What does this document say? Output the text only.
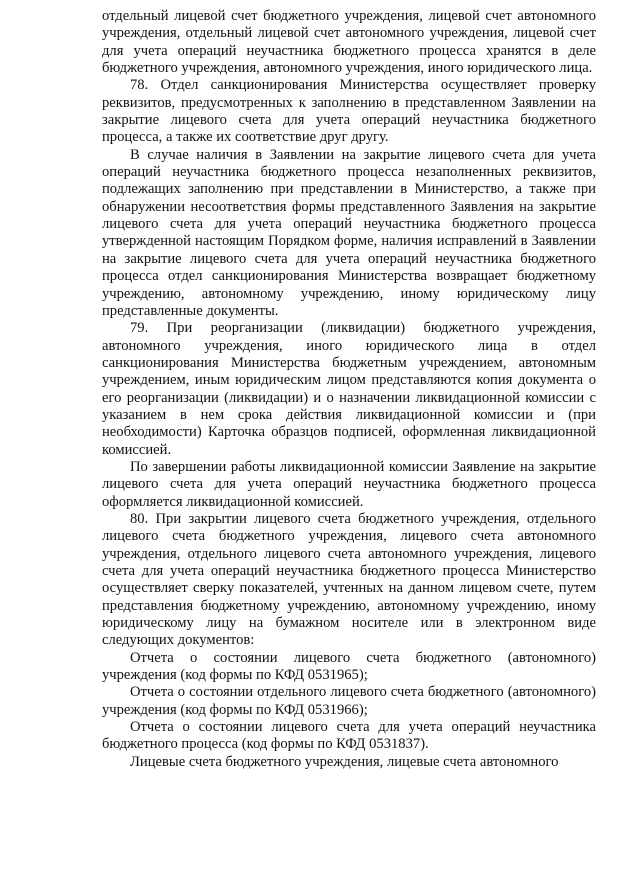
отдельный лицевой счет бюджетного учреждения, лицевой счет автономного учреждения, отдельный лицевой счет автономного учреждения, лицевой счет для учета операций неучастника бюджетного процесса хранятся в деле бюджетного учреждения, автономного учреждения, иного юридического лица.

78. Отдел санкционирования Министерства осуществляет проверку реквизитов, предусмотренных к заполнению в представленном Заявлении на закрытие лицевого счета для учета операций неучастника бюджетного процесса, а также их соответствие друг другу.

В случае наличия в Заявлении на закрытие лицевого счета для учета операций неучастника бюджетного процесса незаполненных реквизитов, подлежащих заполнению при представлении в Министерство, а также при обнаружении несоответствия формы представленного Заявления на закрытие лицевого счета для учета операций неучастника бюджетного процесса утвержденной настоящим Порядком форме, наличия исправлений в Заявлении на закрытие лицевого счета для учета операций неучастника бюджетного процесса отдел санкционирования Министерства возвращает бюджетному учреждению, автономному учреждению, иному юридическому лицу представленные документы.

79. При реорганизации (ликвидации) бюджетного учреждения, автономного учреждения, иного юридического лица в отдел санкционирования Министерства бюджетным учреждением, автономным учреждением, иным юридическим лицом представляются копия документа о его реорганизации (ликвидации) и о назначении ликвидационной комиссии с указанием в нем срока действия ликвидационной комиссии и (при необходимости) Карточка образцов подписей, оформленная ликвидационной комиссией.

По завершении работы ликвидационной комиссии Заявление на закрытие лицевого счета для учета операций неучастника бюджетного процесса оформляется ликвидационной комиссией.

80. При закрытии лицевого счета бюджетного учреждения, отдельного лицевого счета бюджетного учреждения, лицевого счета автономного учреждения, отдельного лицевого счета автономного учреждения, лицевого счета для учета операций неучастника бюджетного процесса Министерство осуществляет сверку показателей, учтенных на данном лицевом счете, путем представления бюджетному учреждению, автономному учреждению, иному юридическому лицу на бумажном носителе или в электронном виде следующих документов:

Отчета о состоянии лицевого счета бюджетного (автономного) учреждения (код формы по КФД 0531965);

Отчета о состоянии отдельного лицевого счета бюджетного (автономного) учреждения (код формы по КФД 0531966);

Отчета о состоянии лицевого счета для учета операций неучастника бюджетного процесса (код формы по КФД 0531837).

Лицевые счета бюджетного учреждения, лицевые счета автономного
